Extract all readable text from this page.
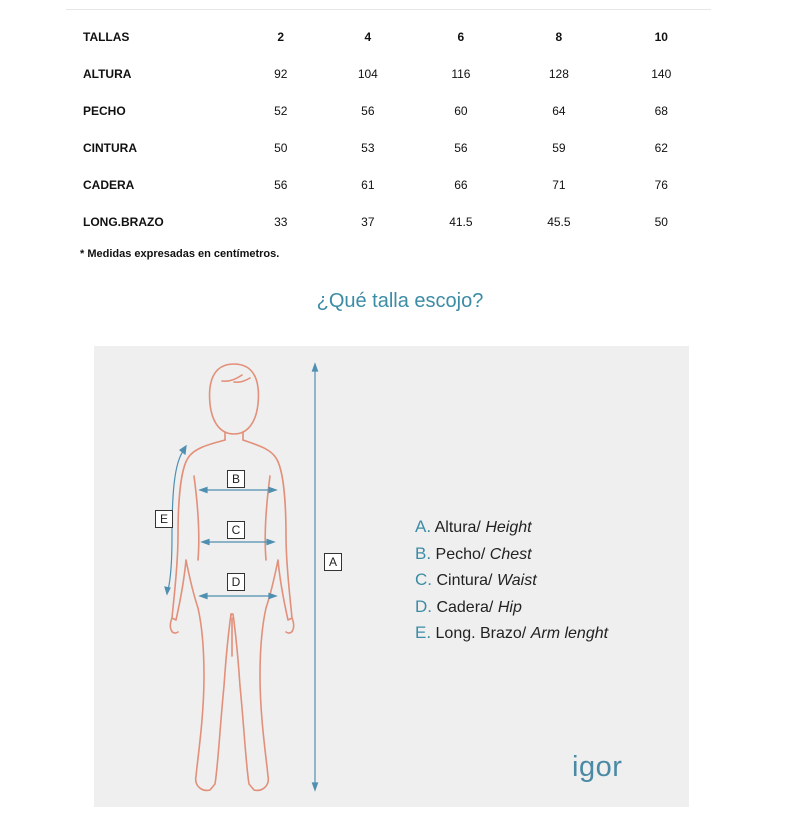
TALLAS	2	4	6	8	10
ALTURA	92	104	116	128	140
PECHO	52	56	60	64	68
CINTURA	50	53	56	59	62
CADERA	56	61	66	71	76
LONG.BRAZO	33	37	41.5	45.5	50
* Medidas expresadas en centímetros.
¿Qué talla escojo?
B
C
D
E
A
A. Altura/ Height
B. Pecho/ Chest
C. Cintura/ Waist
D. Cadera/ Hip
E. Long. Brazo/ Arm lenght
igor
